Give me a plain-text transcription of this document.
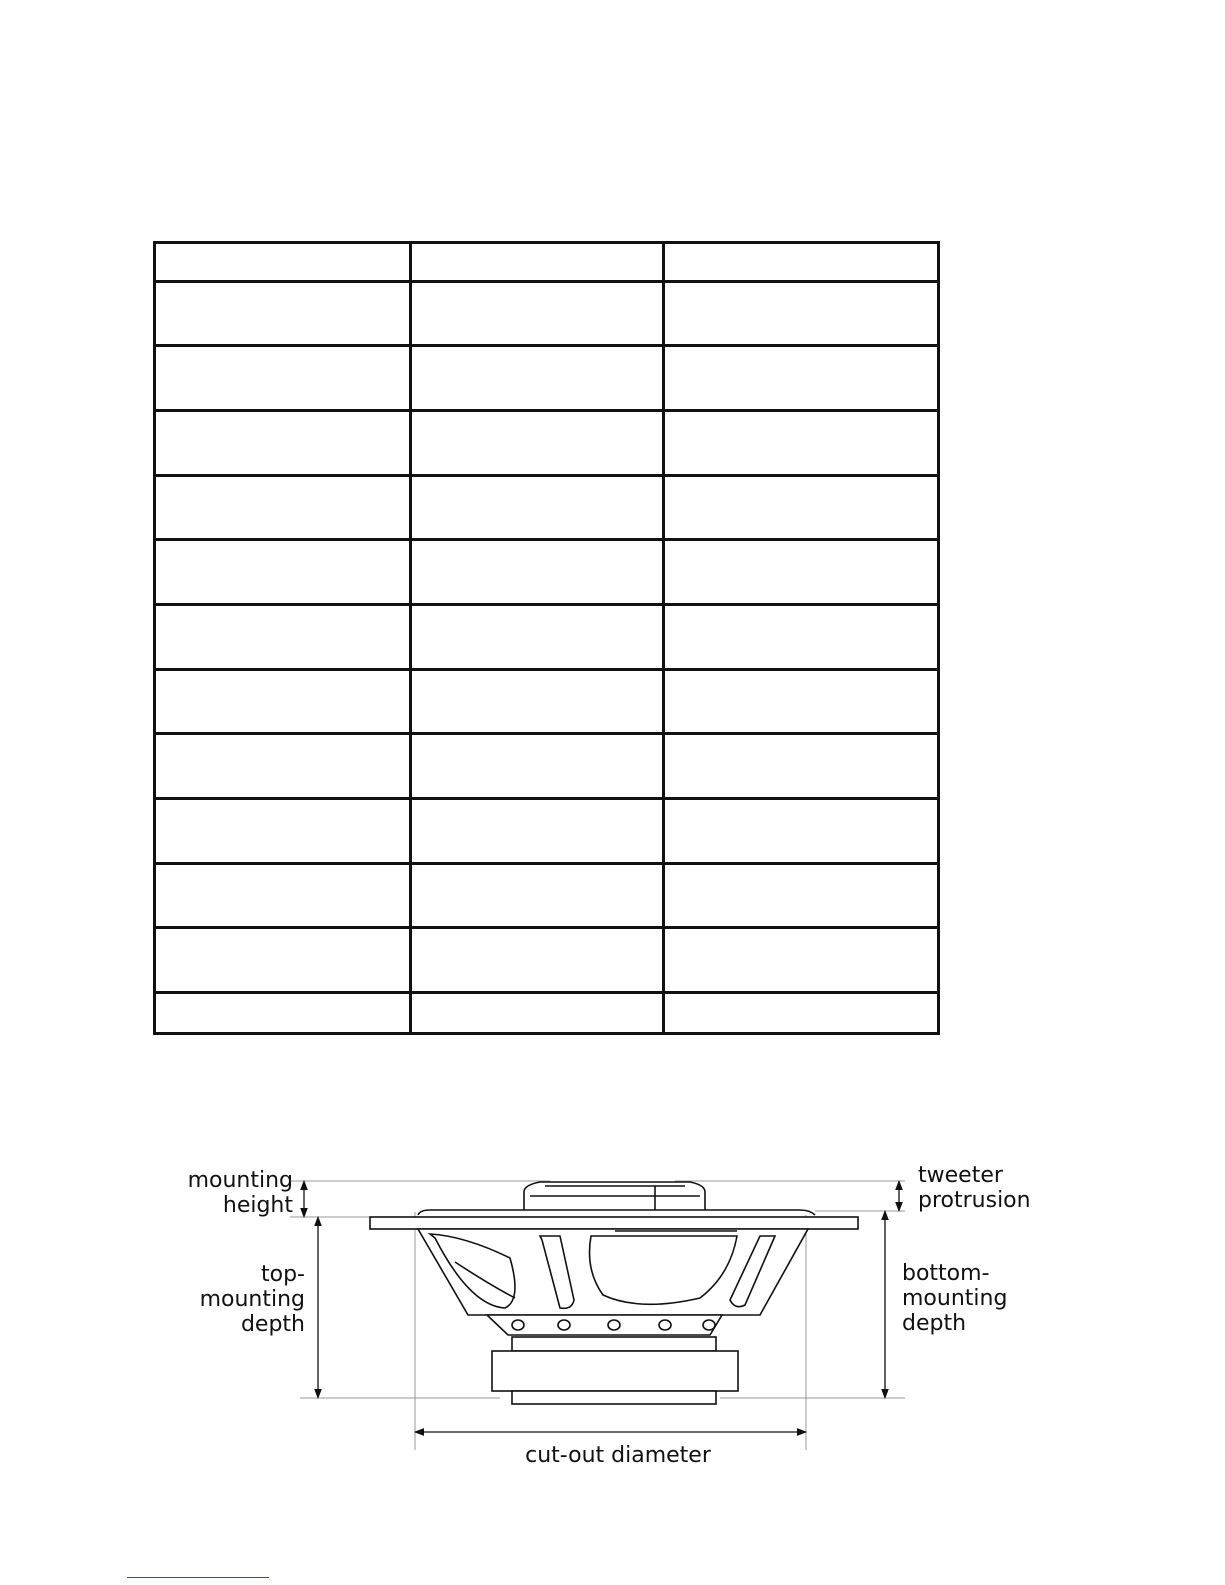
mounting
height
top-
mounting
depth
tweeter
protrusion
bottom-
mounting
depth
cut-out diameter
